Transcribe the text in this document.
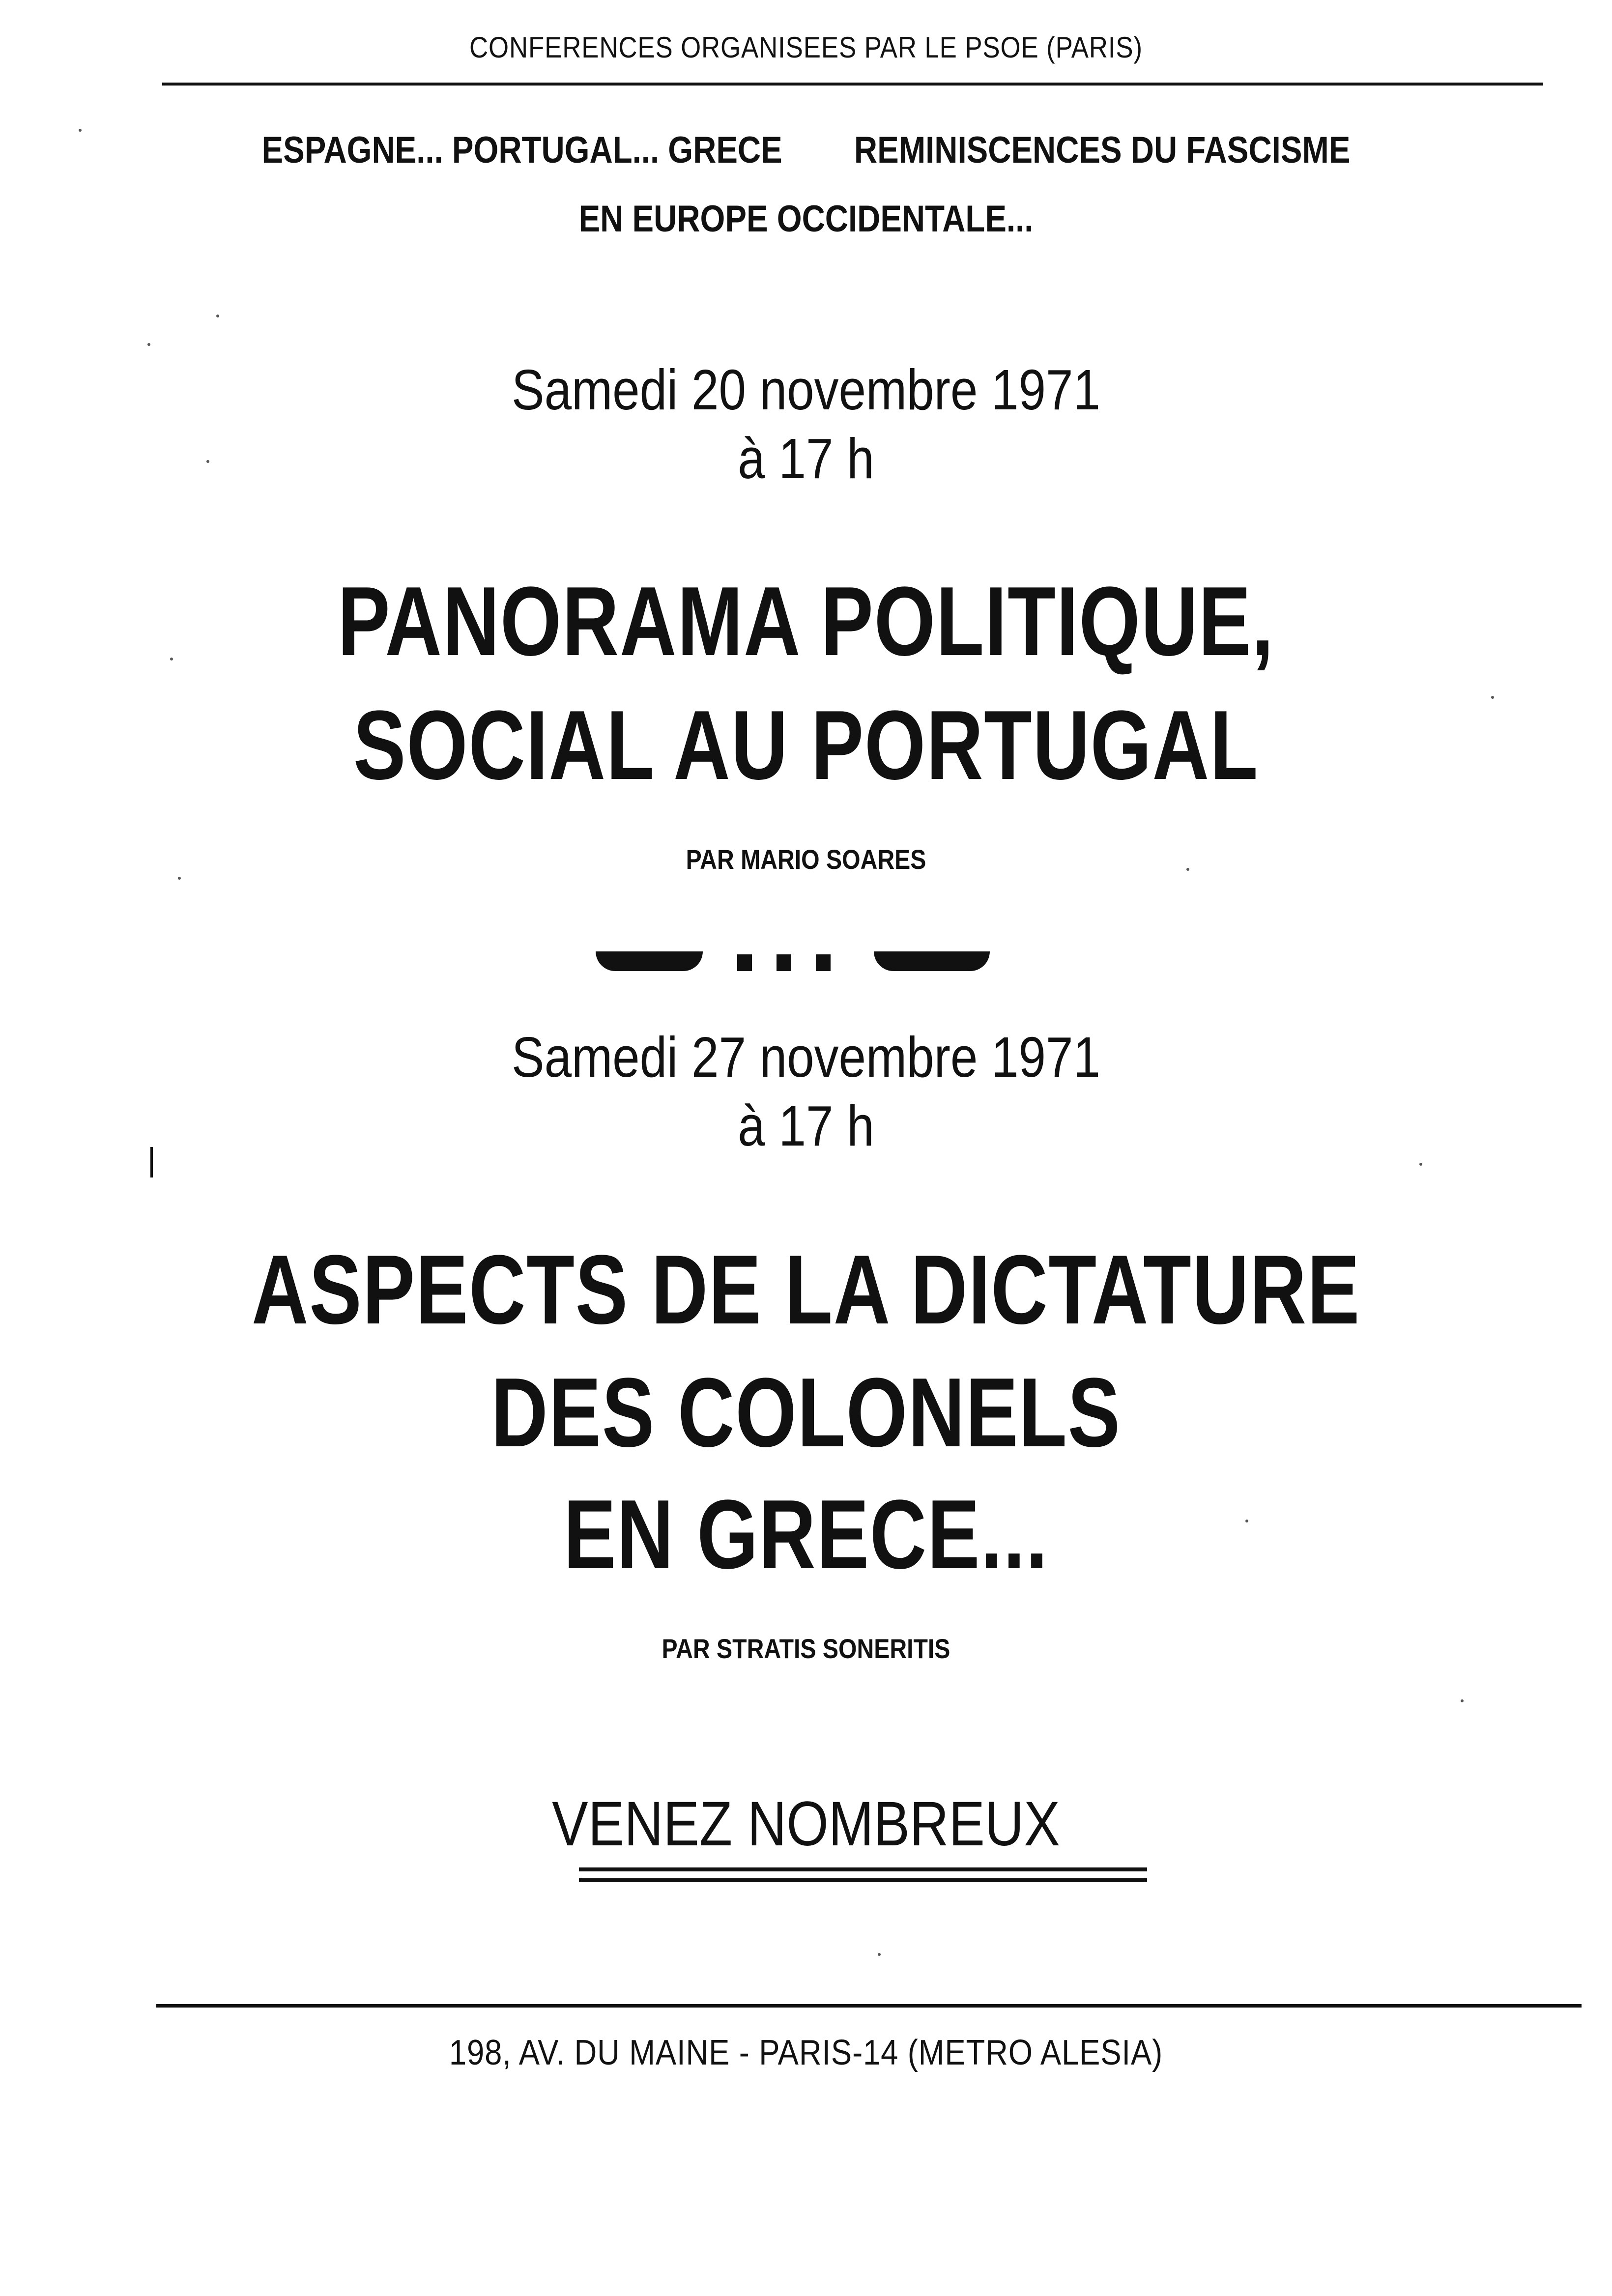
CONFERENCES ORGANISEES PAR LE PSOE (PARIS)
ESPAGNE... PORTUGAL... GRECE REMINISCENCES DU FASCISME
EN EUROPE OCCIDENTALE...
Samedi 20 novembre 1971
à 17 h
PANORAMA POLITIQUE,
SOCIAL AU PORTUGAL
PAR MARIO SOARES
Samedi 27 novembre 1971
à 17 h
ASPECTS DE LA DICTATURE
DES COLONELS
EN GRECE...
PAR STRATIS SONERITIS
VENEZ NOMBREUX
198, AV. DU MAINE - PARIS-14 (METRO ALESIA)
